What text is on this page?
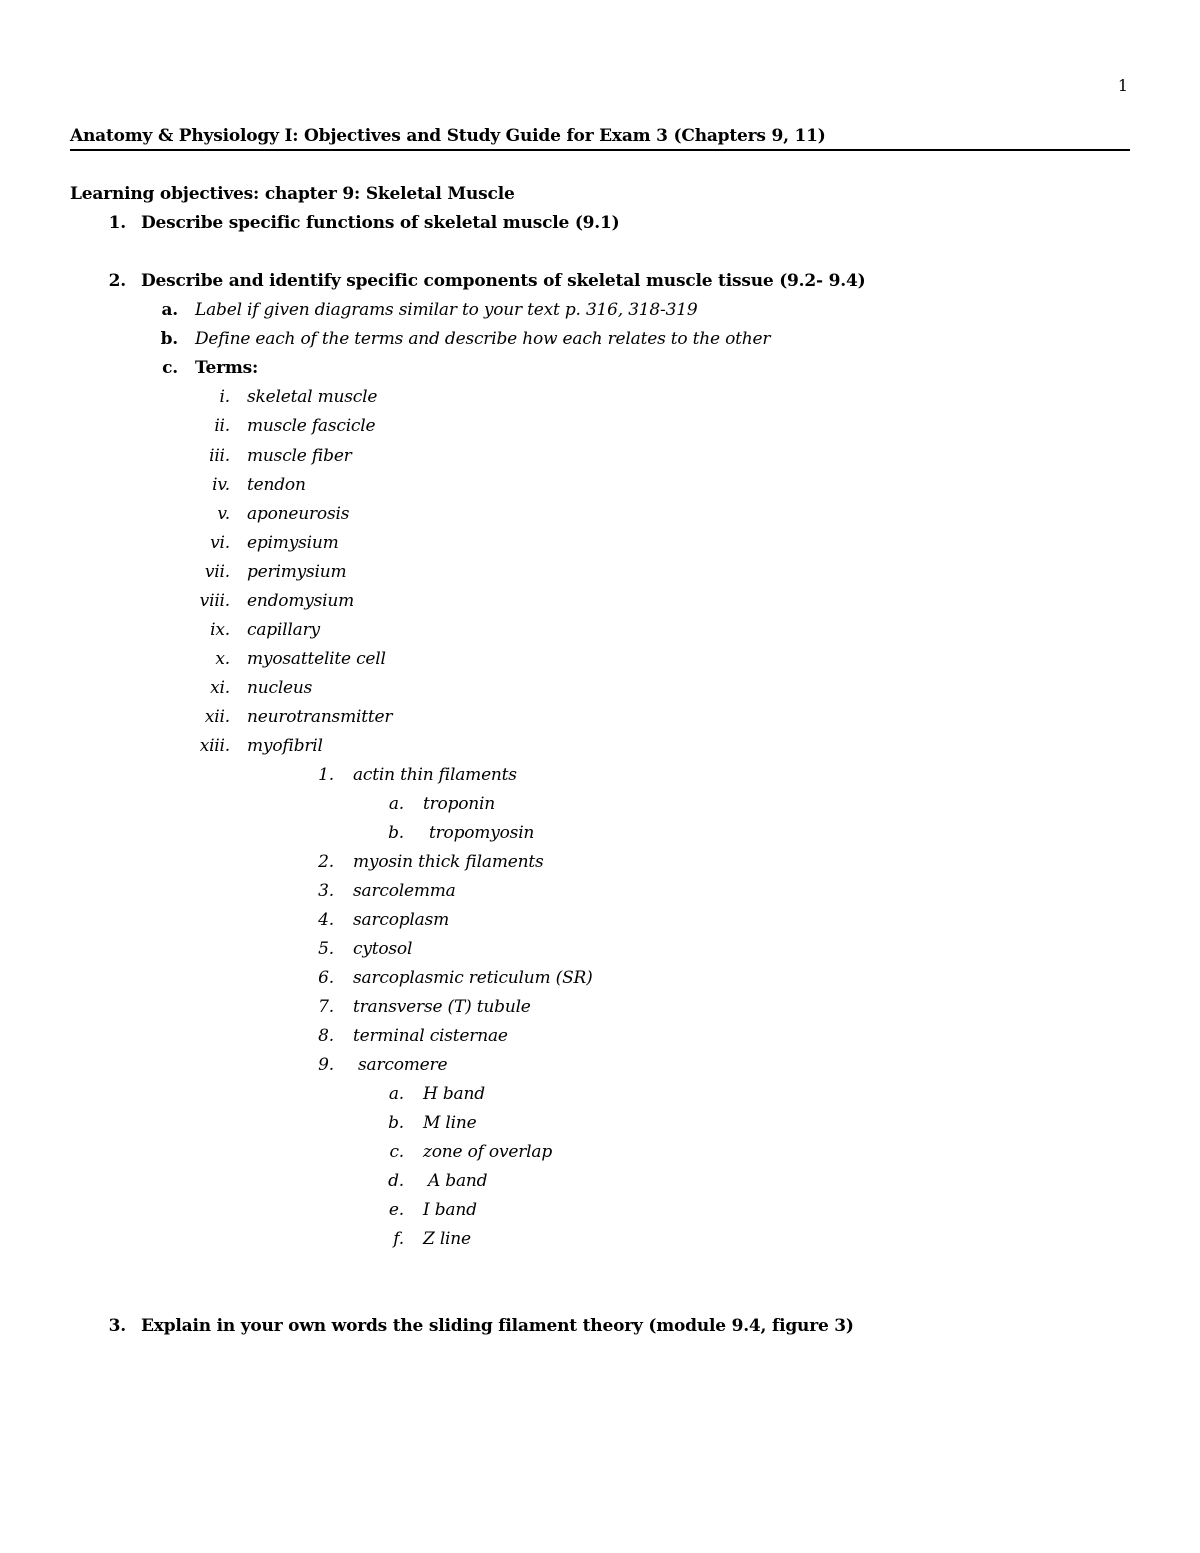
1
Anatomy & Physiology I: Objectives and Study Guide for Exam 3 (Chapters 9, 11)
Learning objectives: chapter 9: Skeletal Muscle
1. Describe specific functions of skeletal muscle (9.1)
2. Describe and identify specific components of skeletal muscle tissue (9.2- 9.4)
a. Label if given diagrams similar to your text p. 316, 318-319
b. Define each of the terms and describe how each relates to the other
c. Terms:
i. skeletal muscle
ii. muscle fascicle
iii. muscle fiber
iv. tendon
v. aponeurosis
vi. epimysium
vii. perimysium
viii. endomysium
ix. capillary
x. myosattelite cell
xi. nucleus
xii. neurotransmitter
xiii. myofibril
1. actin thin filaments
a. troponin
b. tropomyosin
2. myosin thick filaments
3. sarcolemma
4. sarcoplasm
5. cytosol
6. sarcoplasmic reticulum (SR)
7. transverse (T) tubule
8. terminal cisternae
9. sarcomere
a. H band
b. M line
c. zone of overlap
d. A band
e. I band
f. Z line
3. Explain in your own words the sliding filament theory (module 9.4, figure 3)
